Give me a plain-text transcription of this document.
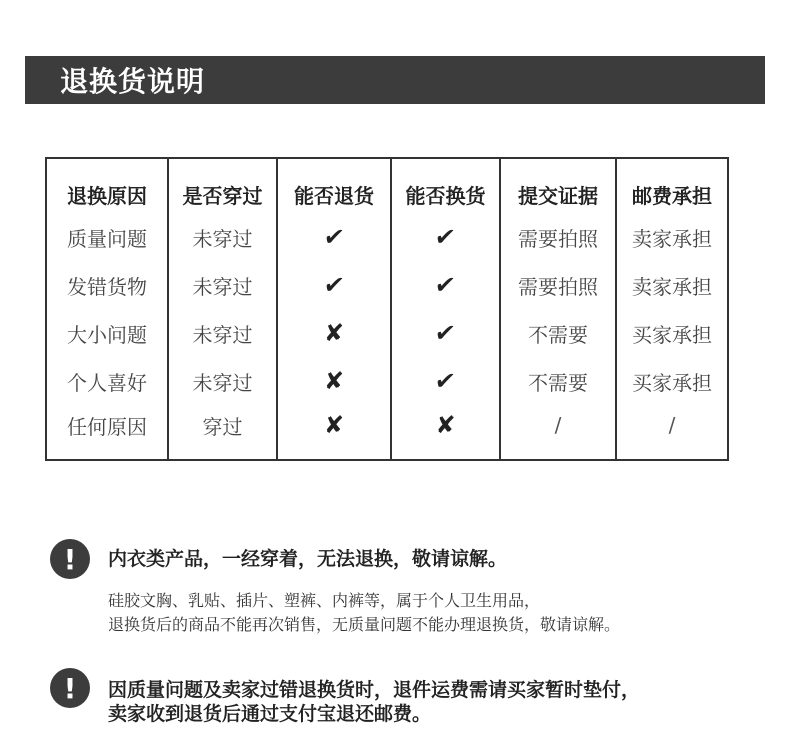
退换货说明
退换原因	是否穿过	能否退货	能否换货	提交证据	邮费承担
质量问题	未穿过	✔	✔	需要拍照	卖家承担
发错货物	未穿过	✔	✔	需要拍照	卖家承担
大小问题	未穿过	✘	✔	不需要	买家承担
个人喜好	未穿过	✘	✔	不需要	买家承担
任何原因	穿过	✘	✘	/	/
!	内衣类产品，一经穿着，无法退换，敬请谅解。
硅胶文胸、乳贴、插片、塑裤、内裤等，属于个人卫生用品，
退换货后的商品不能再次销售，无质量问题不能办理退换货，敬请谅解。
!	因质量问题及卖家过错退换货时，退件运费需请买家暂时垫付，
卖家收到退货后通过支付宝退还邮费。
